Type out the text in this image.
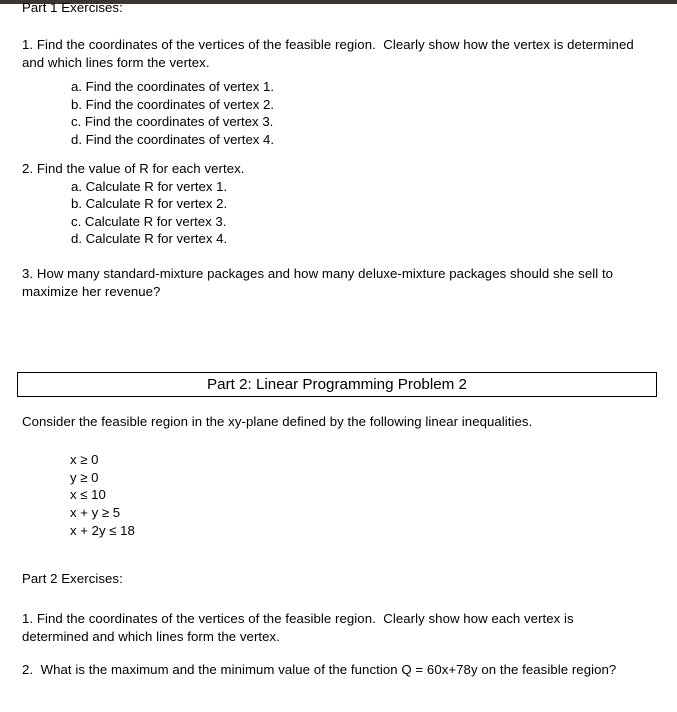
Part 1 Exercises:
1. Find the coordinates of the vertices of the feasible region.  Clearly show how the vertex is determined and which lines form the vertex.
a. Find the coordinates of vertex 1.
b. Find the coordinates of vertex 2.
c. Find the coordinates of vertex 3.
d. Find the coordinates of vertex 4.
2. Find the value of R for each vertex.
a. Calculate R for vertex 1.
b. Calculate R for vertex 2.
c. Calculate R for vertex 3.
d. Calculate R for vertex 4.
3. How many standard-mixture packages and how many deluxe-mixture packages should she sell to maximize her revenue?
Part 2: Linear Programming Problem 2
Consider the feasible region in the xy-plane defined by the following linear inequalities.
x ≥ 0
y ≥ 0
x ≤ 10
x + y ≥ 5
x + 2y ≤ 18
Part 2 Exercises:
1. Find the coordinates of the vertices of the feasible region.  Clearly show how each vertex is determined and which lines form the vertex.
2.  What is the maximum and the minimum value of the function Q = 60x+78y on the feasible region?
